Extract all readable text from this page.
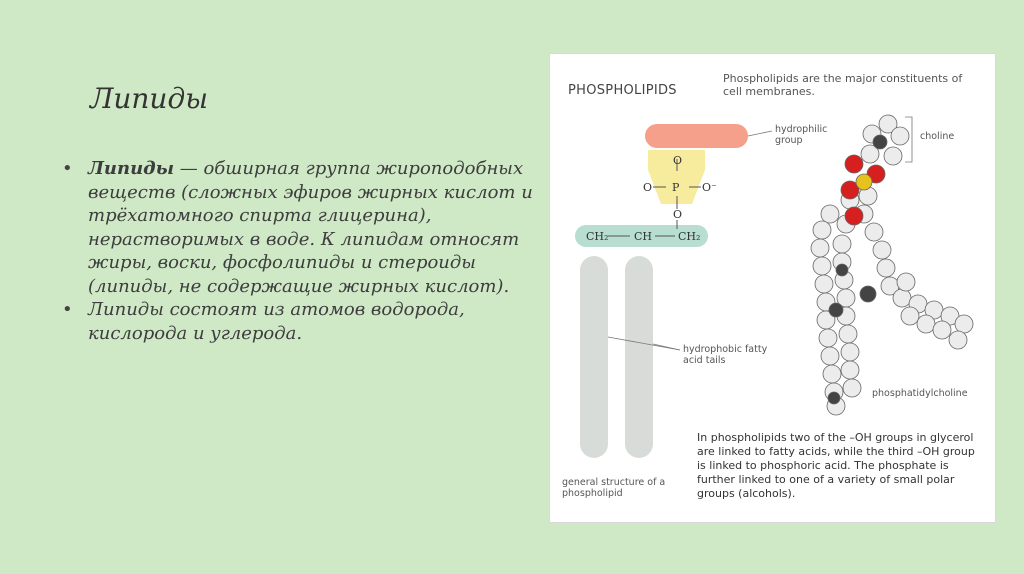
Липиды
• Липиды — обширная группа жироподобных веществ (сложных эфиров жирных кислот и трёхатомного спирта глицерина), нерастворимых в воде. К липидам относят жиры, воски, фосфолипиды и стероиды (липиды, не содержащие жирных кислот).
• Липиды состоят из атомов водорода, кислорода и углерода.
O
O P O⁻
O
CH₂ CH CH₂
PHOSPHOLIPIDS
Phospholipids are the major constituents of cell membranes.
hydrophilic group	choline
hydrophobic fatty acid tails
general structure of a phospholipid
phosphatidylcholine
In phospholipids two of the –OH groups in glycerol are linked to fatty acids, while the third –OH group is linked to phosphoric acid. The phosphate is further linked to one of a variety of small polar groups (alcohols).
